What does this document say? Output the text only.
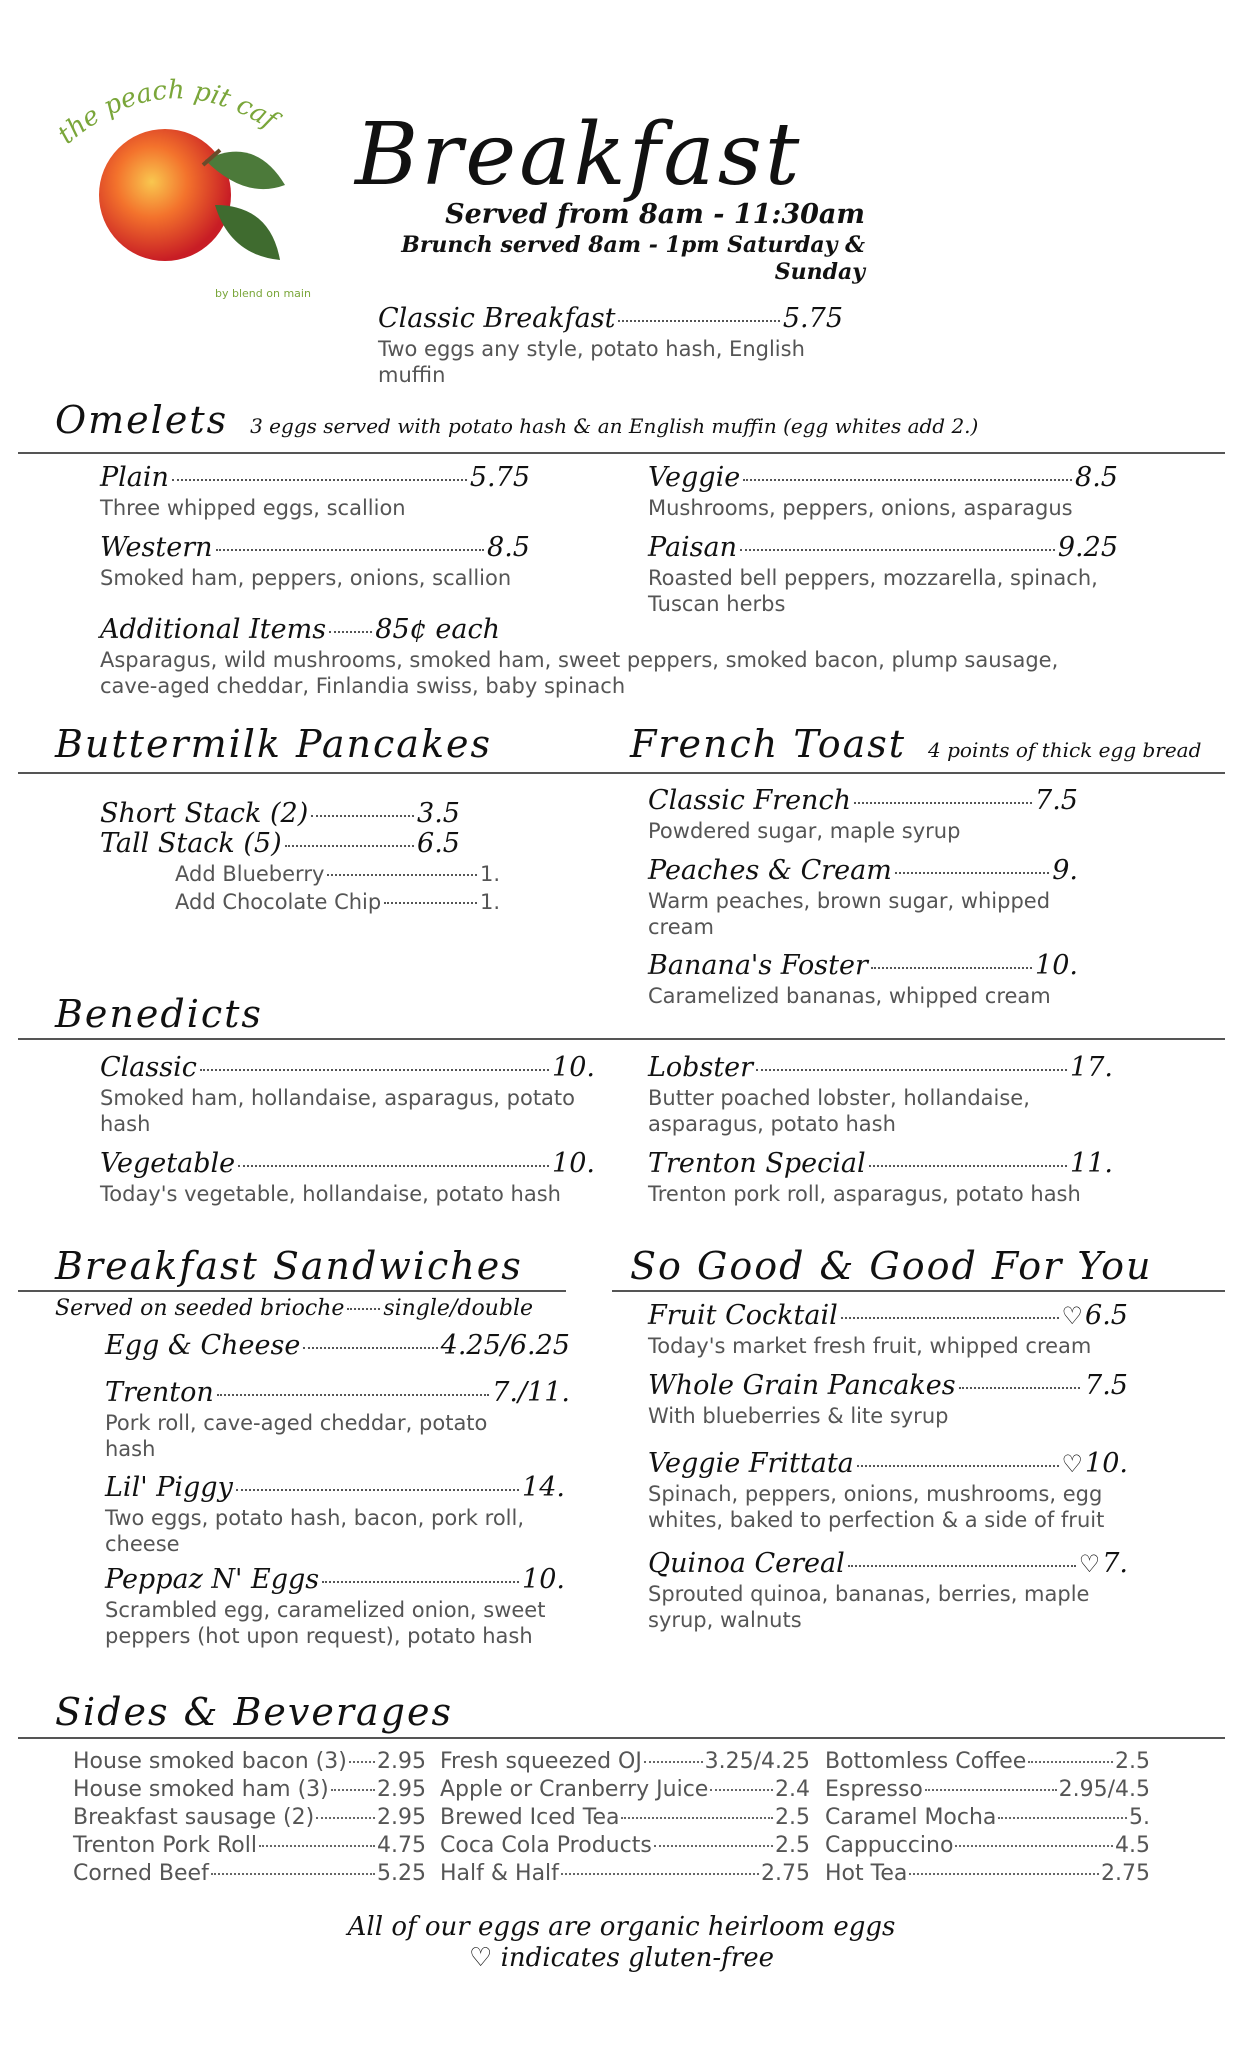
the peach pit caf
by blend on main
Breakfast
Served from 8am - 11:30am
Brunch served 8am - 1pm Saturday & Sunday
Classic Breakfast	5.75
Two eggs any style, potato hash, English muffin
Omelets 3 eggs served with potato hash & an English muffin (egg whites add 2.)
Plain	5.75
Three whipped eggs, scallion
Western	8.5
Smoked ham, peppers, onions, scallion
Veggie	8.5
Mushrooms, peppers, onions, asparagus
Paisan	9.25
Roasted bell peppers, mozzarella, spinach, Tuscan herbs
Additional Items 85¢ each
Asparagus, wild mushrooms, smoked ham, sweet peppers, smoked bacon, plump sausage, cave-aged cheddar, Finlandia swiss, baby spinach
Buttermilk Pancakes	French Toast 4 points of thick egg bread
Short Stack (2)	3.5
Tall Stack (5)	6.5
Add Blueberry	1.
Add Chocolate Chip	1.
Classic French	7.5
Powdered sugar, maple syrup
Peaches & Cream	9.
Warm peaches, brown sugar, whipped cream
Banana's Foster	10.
Caramelized bananas, whipped cream
Benedicts
Classic	10.
Smoked ham, hollandaise, asparagus, potato hash
Vegetable	10.
Today's vegetable, hollandaise, potato hash
Lobster	17.
Butter poached lobster, hollandaise, asparagus, potato hash
Trenton Special	11.
Trenton pork roll, asparagus, potato hash
Breakfast Sandwiches
Served on seeded brioche single/double
Egg & Cheese	4.25/6.25
Trenton	7./11.
Pork roll, cave-aged cheddar, potato hash
Lil' Piggy	14.
Two eggs, potato hash, bacon, pork roll, cheese
Peppaz N' Eggs	10.
Scrambled egg, caramelized onion, sweet peppers (hot upon request), potato hash
So Good & Good For You
Fruit Cocktail	♡ 6.5
Today's market fresh fruit, whipped cream
Whole Grain Pancakes	7.5
With blueberries & lite syrup
Veggie Frittata	♡ 10.
Spinach, peppers, onions, mushrooms, egg whites, baked to perfection & a side of fruit
Quinoa Cereal	♡ 7.
Sprouted quinoa, bananas, berries, maple syrup, walnuts
Sides & Beverages
House smoked bacon (3) 2.95
House smoked ham (3) 2.95
Breakfast sausage (2)	2.95
Trenton Pork Roll	4.75
Corned Beef	5.25
Fresh squeezed OJ	3.25/4.25
Apple or Cranberry Juice	2.4
Brewed Iced Tea	2.5
Coca Cola Products	2.5
Half & Half	2.75
Bottomless Coffee	2.5
Espresso	2.95/4.5
Caramel Mocha	5.
Cappuccino	4.5
Hot Tea	2.75
All of our eggs are organic heirloom eggs
♡ indicates gluten-free
